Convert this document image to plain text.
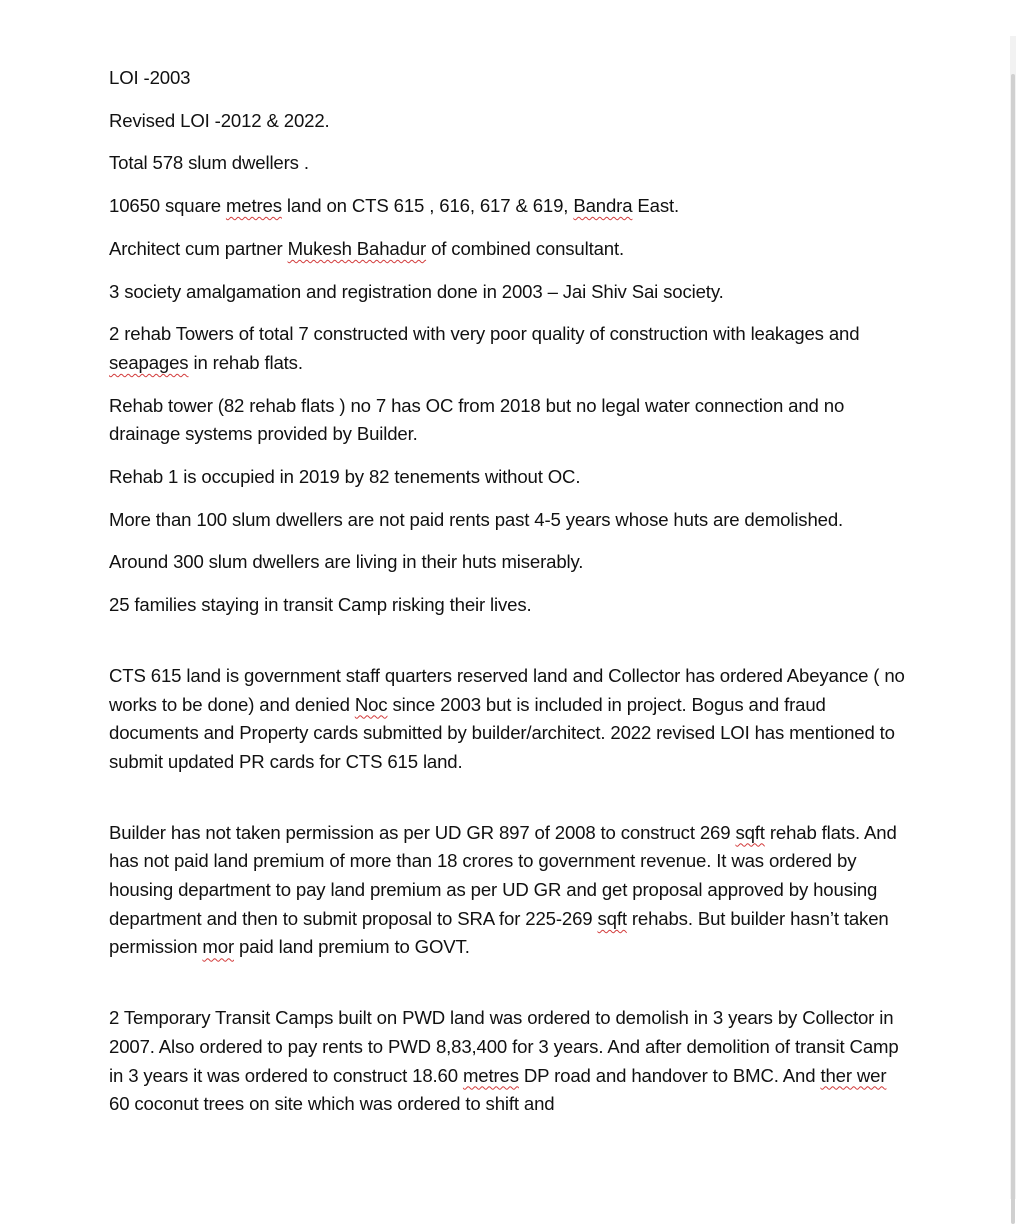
LOI -2003

Revised LOI -2012 & 2022.

Total 578 slum dwellers .

10650 square metres land on CTS 615 , 616, 617 & 619, Bandra East.

Architect cum partner Mukesh Bahadur of combined consultant.

3 society amalgamation and registration done in 2003 – Jai Shiv Sai society.

2 rehab Towers of total 7 constructed with very poor quality of construction with leakages and seapages in rehab flats.

Rehab tower (82 rehab flats ) no 7 has OC from 2018 but no legal water connection and no drainage systems provided by Builder.

Rehab 1 is occupied in 2019 by 82 tenements without OC.

More than 100 slum dwellers are not paid rents past 4-5 years whose huts are demolished.

Around 300 slum dwellers are living in their huts miserably.

25 families staying in transit Camp risking their lives.

CTS 615 land is government staff quarters reserved land and Collector has ordered Abeyance ( no works to be done) and denied Noc since 2003 but is included in project. Bogus and fraud documents and Property cards submitted by builder/architect. 2022 revised LOI has mentioned to submit updated PR cards for CTS 615 land.

Builder has not taken permission as per UD GR 897 of 2008 to construct 269 sqft rehab flats. And has not paid land premium of more than 18 crores to government revenue. It was ordered by housing department to pay land premium as per UD GR and get proposal approved by housing department and then to submit proposal to SRA for 225-269 sqft rehabs. But builder hasn’t taken permission mor paid land premium to GOVT.

2 Temporary Transit Camps built on PWD land was ordered to demolish in 3 years by Collector in 2007. Also ordered to pay rents to PWD 8,83,400 for 3 years. And after demolition of transit Camp in 3 years it was ordered to construct 18.60 metres DP road and handover to BMC. And ther wer 60 coconut trees on site which was ordered to shift and
